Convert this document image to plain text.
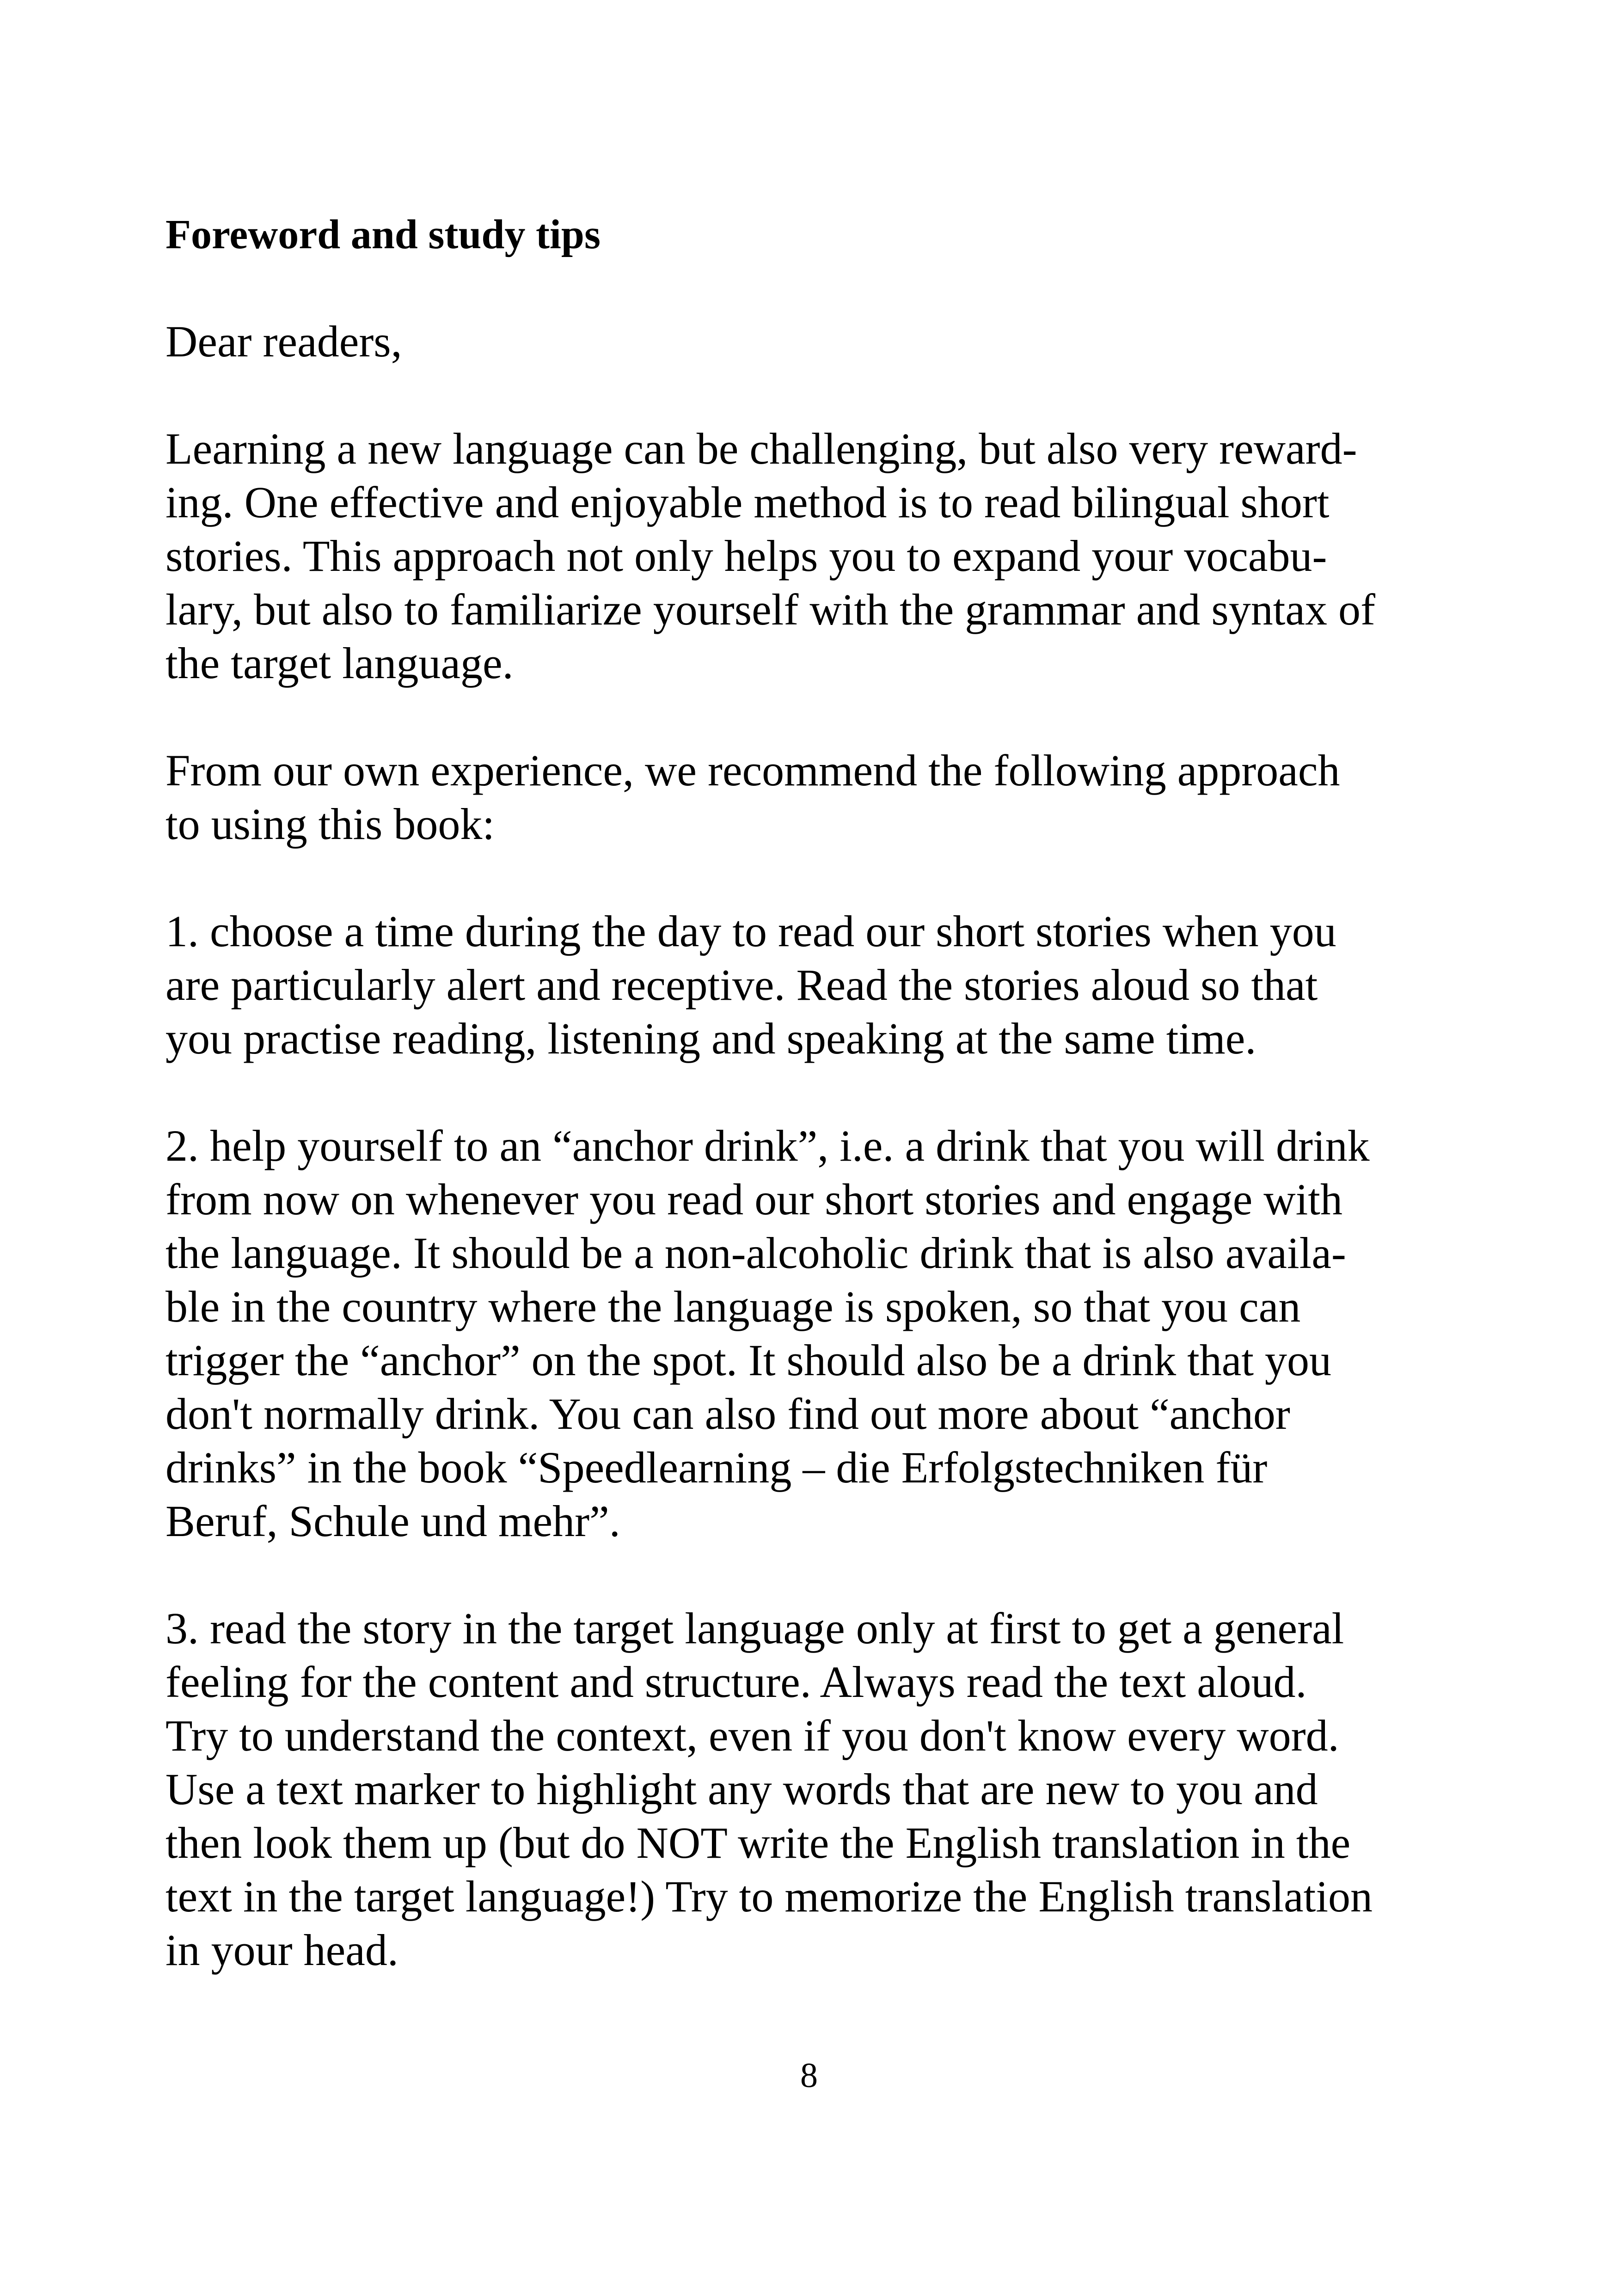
Foreword and study tips
Dear readers,
Learning a new language can be challenging, but also very reward-
ing. One effective and enjoyable method is to read bilingual short
stories. This approach not only helps you to expand your vocabu-
lary, but also to familiarize yourself with the grammar and syntax of
the target language.
From our own experience, we recommend the following approach
to using this book:
1. choose a time during the day to read our short stories when you
are particularly alert and receptive. Read the stories aloud so that
you practise reading, listening and speaking at the same time.
2. help yourself to an “anchor drink”, i.e. a drink that you will drink
from now on whenever you read our short stories and engage with
the language. It should be a non-alcoholic drink that is also availa-
ble in the country where the language is spoken, so that you can
trigger the “anchor” on the spot. It should also be a drink that you
don't normally drink. You can also find out more about “anchor
drinks” in the book “Speedlearning – die Erfolgstechniken für
Beruf, Schule und mehr”.
3. read the story in the target language only at first to get a general
feeling for the content and structure. Always read the text aloud.
Try to understand the context, even if you don't know every word.
Use a text marker to highlight any words that are new to you and
then look them up (but do NOT write the English translation in the
text in the target language!) Try to memorize the English translation
in your head.
8
